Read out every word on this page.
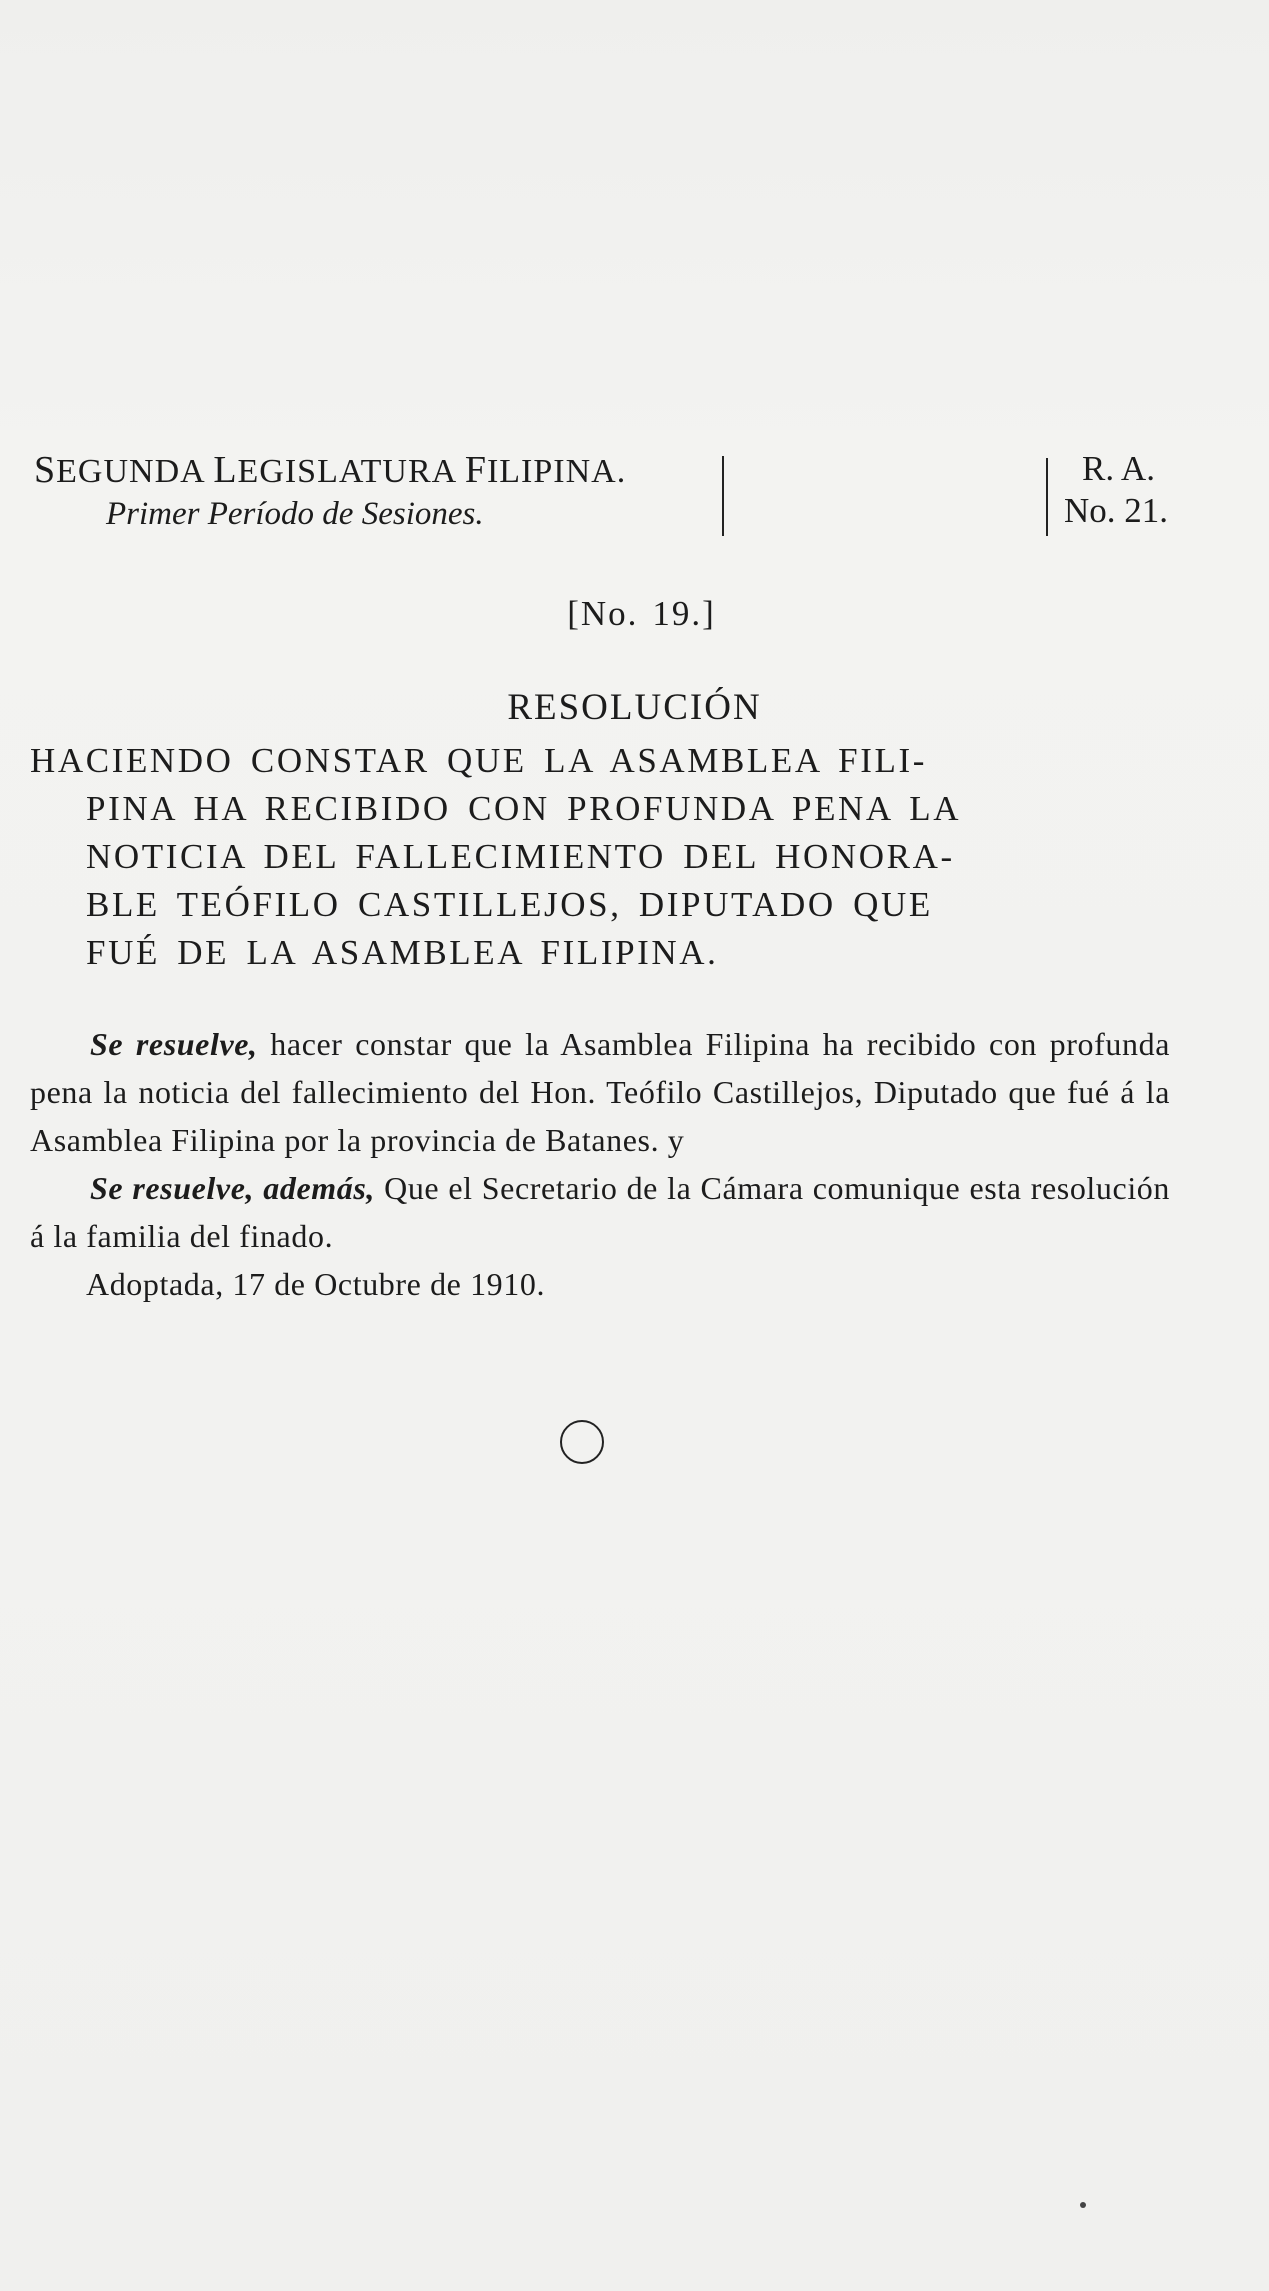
SEGUNDA LEGISLATURA FILIPINA.
Primer Período de Sesiones.
R. A.
No. 21.
[No. 19.]
RESOLUCIÓN
HACIENDO CONSTAR QUE LA ASAMBLEA FILI-
PINA HA RECIBIDO CON PROFUNDA PENA LA
NOTICIA DEL FALLECIMIENTO DEL HONORA-
BLE TEÓFILO CASTILLEJOS, DIPUTADO QUE
FUÉ DE LA ASAMBLEA FILIPINA.

Se resuelve, hacer constar que la Asamblea Filipina ha recibido con profunda pena la noticia del fallecimiento del Hon. Teófilo Castillejos, Diputado que fué á la Asamblea Filipina por la provincia de Batanes. y

Se resuelve, además, Que el Secretario de la Cámara comunique esta resolución á la familia del finado.

Adoptada, 17 de Octubre de 1910.
